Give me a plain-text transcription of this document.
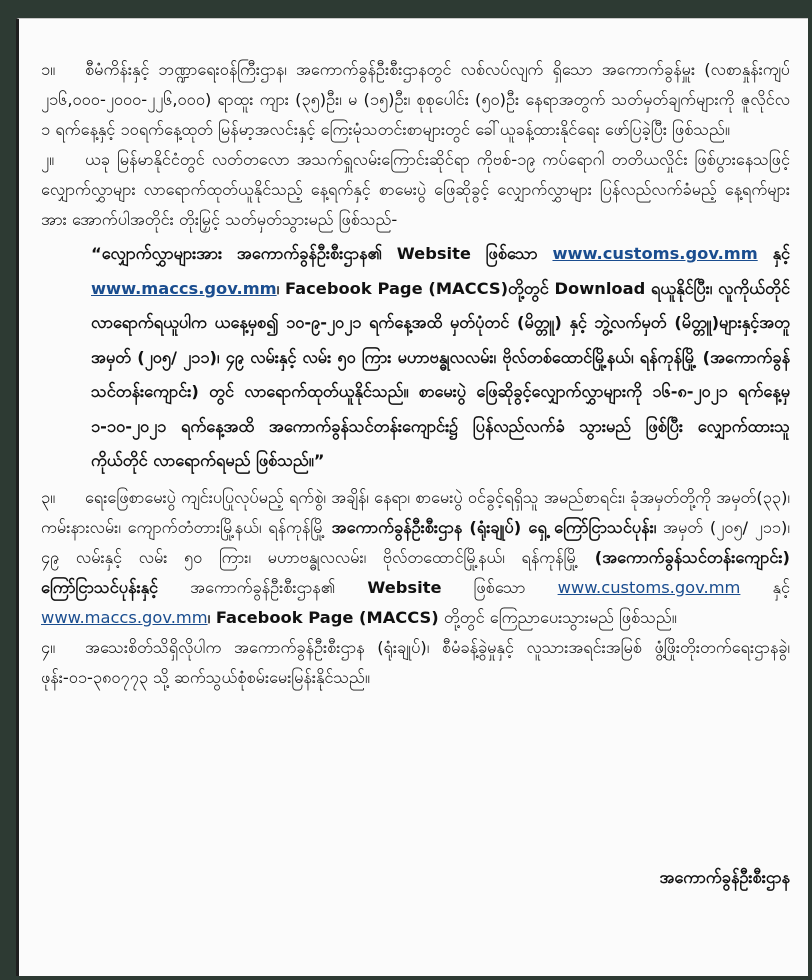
၁။ စီမံကိန်းနှင့် ဘဏ္ဍာရေးဝန်ကြီးဌာန၊ အကောက်ခွန်ဦးစီးဌာနတွင် လစ်လပ်လျက် ရှိသော အကောက်ခွန်မှူး (လစာနှုန်းကျပ် ၂၁၆,၀၀၀-၂၀၀၀-၂၂၆,၀၀၀) ရာထူး ကျား (၃၅)ဦး၊ မ (၁၅)ဦး၊ စုစုပေါင်း (၅၀)ဦး နေရာအတွက် သတ်မှတ်ချက်များကို ဇူလိုင်လ ၁ ရက်နေ့နှင့် ၁၀ရက်နေ့ထုတ် မြန်မာ့အလင်းနှင့် ကြေးမုံသတင်းစာများတွင် ခေါ်ယူခန့်ထားနိုင်ရေး ဖော်ပြခဲ့ပြီး ဖြစ်သည်။

၂။ ယခု မြန်မာနိုင်ငံတွင် လတ်တလော အသက်ရှူလမ်းကြောင်းဆိုင်ရာ ကိုဗစ်-၁၉ ကပ်ရောဂါ တတိယလှိုင်း ဖြစ်ပွားနေသဖြင့် လျှောက်လွှာများ လာရောက်ထုတ်ယူနိုင်သည့် နေ့ရက်နှင့် စာမေးပွဲ ဖြေဆိုခွင့် လျှောက်လွှာများ ပြန်လည်လက်ခံမည့် နေ့ရက်များအား အောက်ပါအတိုင်း တိုးမြှင့် သတ်မှတ်သွားမည် ဖြစ်သည်-

“လျှောက်လွှာများအား အကောက်ခွန်ဦးစီးဌာန၏ Website ဖြစ်သော www.customs.gov.mm နှင့် www.maccs.gov.mm၊ Facebook Page (MACCS)တို့တွင် Download ရယူနိုင်ပြီး၊ လူကိုယ်တိုင် လာရောက်ရယူပါက ယနေ့မှစ၍ ၁၀-၉-၂၀၂၁ ရက်နေ့အထိ မှတ်ပုံတင် (မိတ္တူ) နှင့် ဘွဲ့လက်မှတ် (မိတ္တူ)များနှင့်အတူ အမှတ် (၂၀၅/ ၂၁၁)၊ ၄၉ လမ်းနှင့် လမ်း ၅၀ ကြား မဟာဗန္ဓုလလမ်း၊ ဗိုလ်တစ်ထောင်မြို့နယ်၊ ရန်ကုန်မြို့ (အကောက်ခွန်သင်တန်းကျောင်း) တွင် လာရောက်ထုတ်ယူနိုင်သည်။ စာမေးပွဲ ဖြေဆိုခွင့်လျှောက်လွှာများကို ၁၆-၈-၂၀၂၁ ရက်နေ့မှ ၁-၁၀-၂၀၂၁ ရက်နေ့အထိ အကောက်ခွန်သင်တန်းကျောင်း၌ ပြန်လည်လက်ခံ သွားမည် ဖြစ်ပြီး လျှောက်ထားသူကိုယ်တိုင် လာရောက်ရမည် ဖြစ်သည်။”

၃။ ရေးဖြေစာမေးပွဲ ကျင်းပပြုလုပ်မည့် ရက်စွဲ၊ အချိန်၊ နေရာ၊ စာမေးပွဲ ဝင်ခွင့်ရရှိသူ အမည်စာရင်း၊ ခုံအမှတ်တို့ကို အမှတ်(၃၃)၊ ကမ်းနားလမ်း၊ ကျောက်တံတားမြို့နယ်၊ ရန်ကုန်မြို့ အကောက်ခွန်ဦးစီးဌာန (ရုံးချုပ်) ရှေ့ ကြော်ငြာသင်ပုန်း၊ အမှတ် (၂၀၅/ ၂၁၁)၊ ၄၉ လမ်းနှင့် လမ်း ၅၀ ကြား၊ မဟာဗန္ဓုလလမ်း၊ ဗိုလ်တထောင်မြို့နယ်၊ ရန်ကုန်မြို့ (အကောက်ခွန်သင်တန်းကျောင်း) ကြော်ငြာသင်ပုန်းနှင့် အကောက်ခွန်ဦးစီးဌာန၏ Website ဖြစ်သော www.customs.gov.mm နှင့် www.maccs.gov.mm၊ Facebook Page (MACCS) တို့တွင် ကြေညာပေးသွားမည် ဖြစ်သည်။

၄။ အသေးစိတ်သိရှိလိုပါက အကောက်ခွန်ဦးစီးဌာန (ရုံးချုပ်)၊ စီမံခန့်ခွဲမှုနှင့် လူသားအရင်းအမြစ် ဖွံ့ဖြိုးတိုးတက်ရေးဌာနခွဲ၊ ဖုန်း-၀၁-၃၈၀၇၇၃ သို့ ဆက်သွယ်စုံစမ်းမေးမြန်းနိုင်သည်။

အကောက်ခွန်ဦးစီးဌာန
